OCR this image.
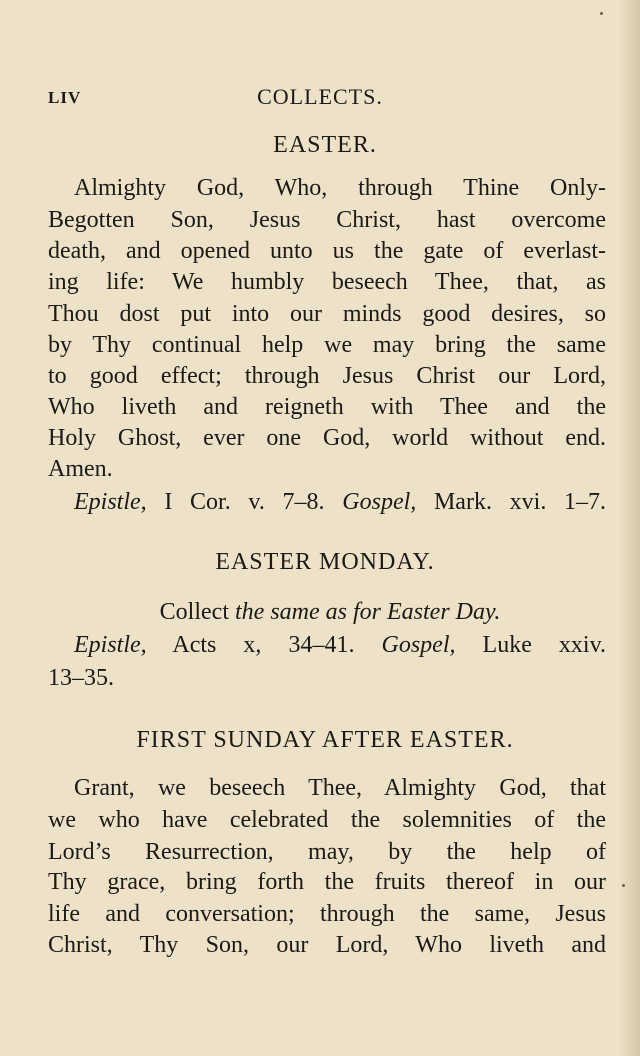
LIV	COLLECTS.
EASTER.
Almighty God, Who, through Thine Only-
Begotten Son, Jesus Christ, hast overcome
death, and opened unto us the gate of everlast-
ing life: We humbly beseech Thee, that, as
Thou dost put into our minds good desires, so
by Thy continual help we may bring the same
to good effect; through Jesus Christ our Lord,
Who liveth and reigneth with Thee and the
Holy Ghost, ever one God, world without end.
Amen.
Epistle, I Cor. v. 7–8. Gospel, Mark. xvi. 1–7.
EASTER MONDAY.
Collect the same as for Easter Day.
Epistle, Acts x, 34–41. Gospel, Luke xxiv.
13–35.
FIRST SUNDAY AFTER EASTER.
Grant, we beseech Thee, Almighty God, that
we who have celebrated the solemnities of the
Lord’s Resurrection, may, by the help of
Thy grace, bring forth the fruits thereof in our
life and conversation; through the same, Jesus
Christ, Thy Son, our Lord, Who liveth and
